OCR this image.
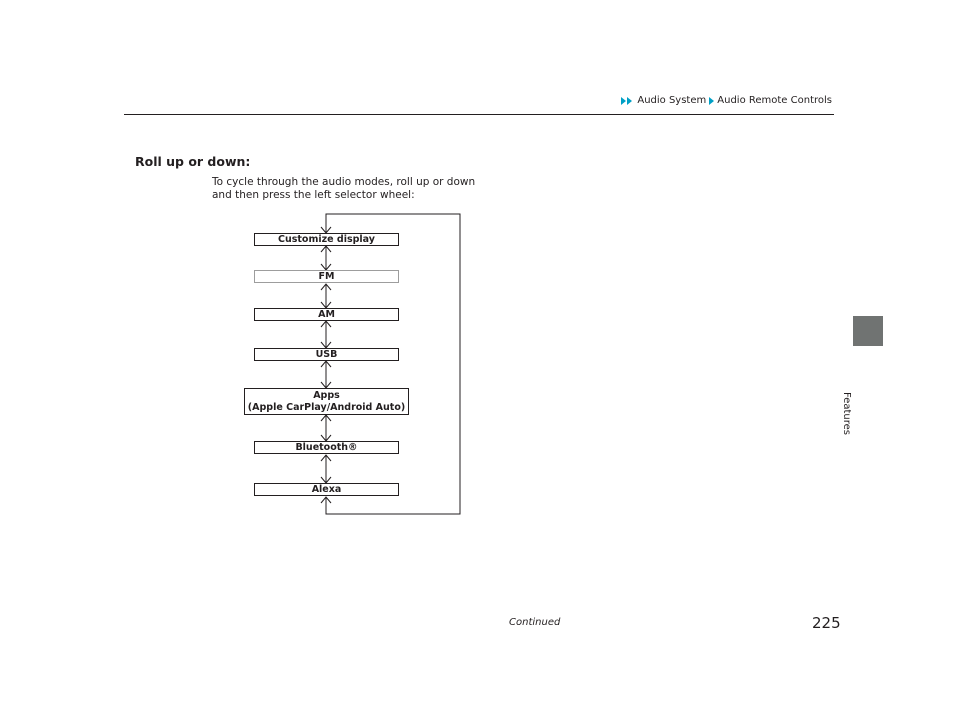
Audio System Audio Remote Controls
Features
Roll up or down:
To cycle through the audio modes, roll up or down
and then press the left selector wheel:
Customize display
FM
AM
USB
Apps
(Apple CarPlay/Android Auto)
Bluetooth®
Alexa
Continued	225
